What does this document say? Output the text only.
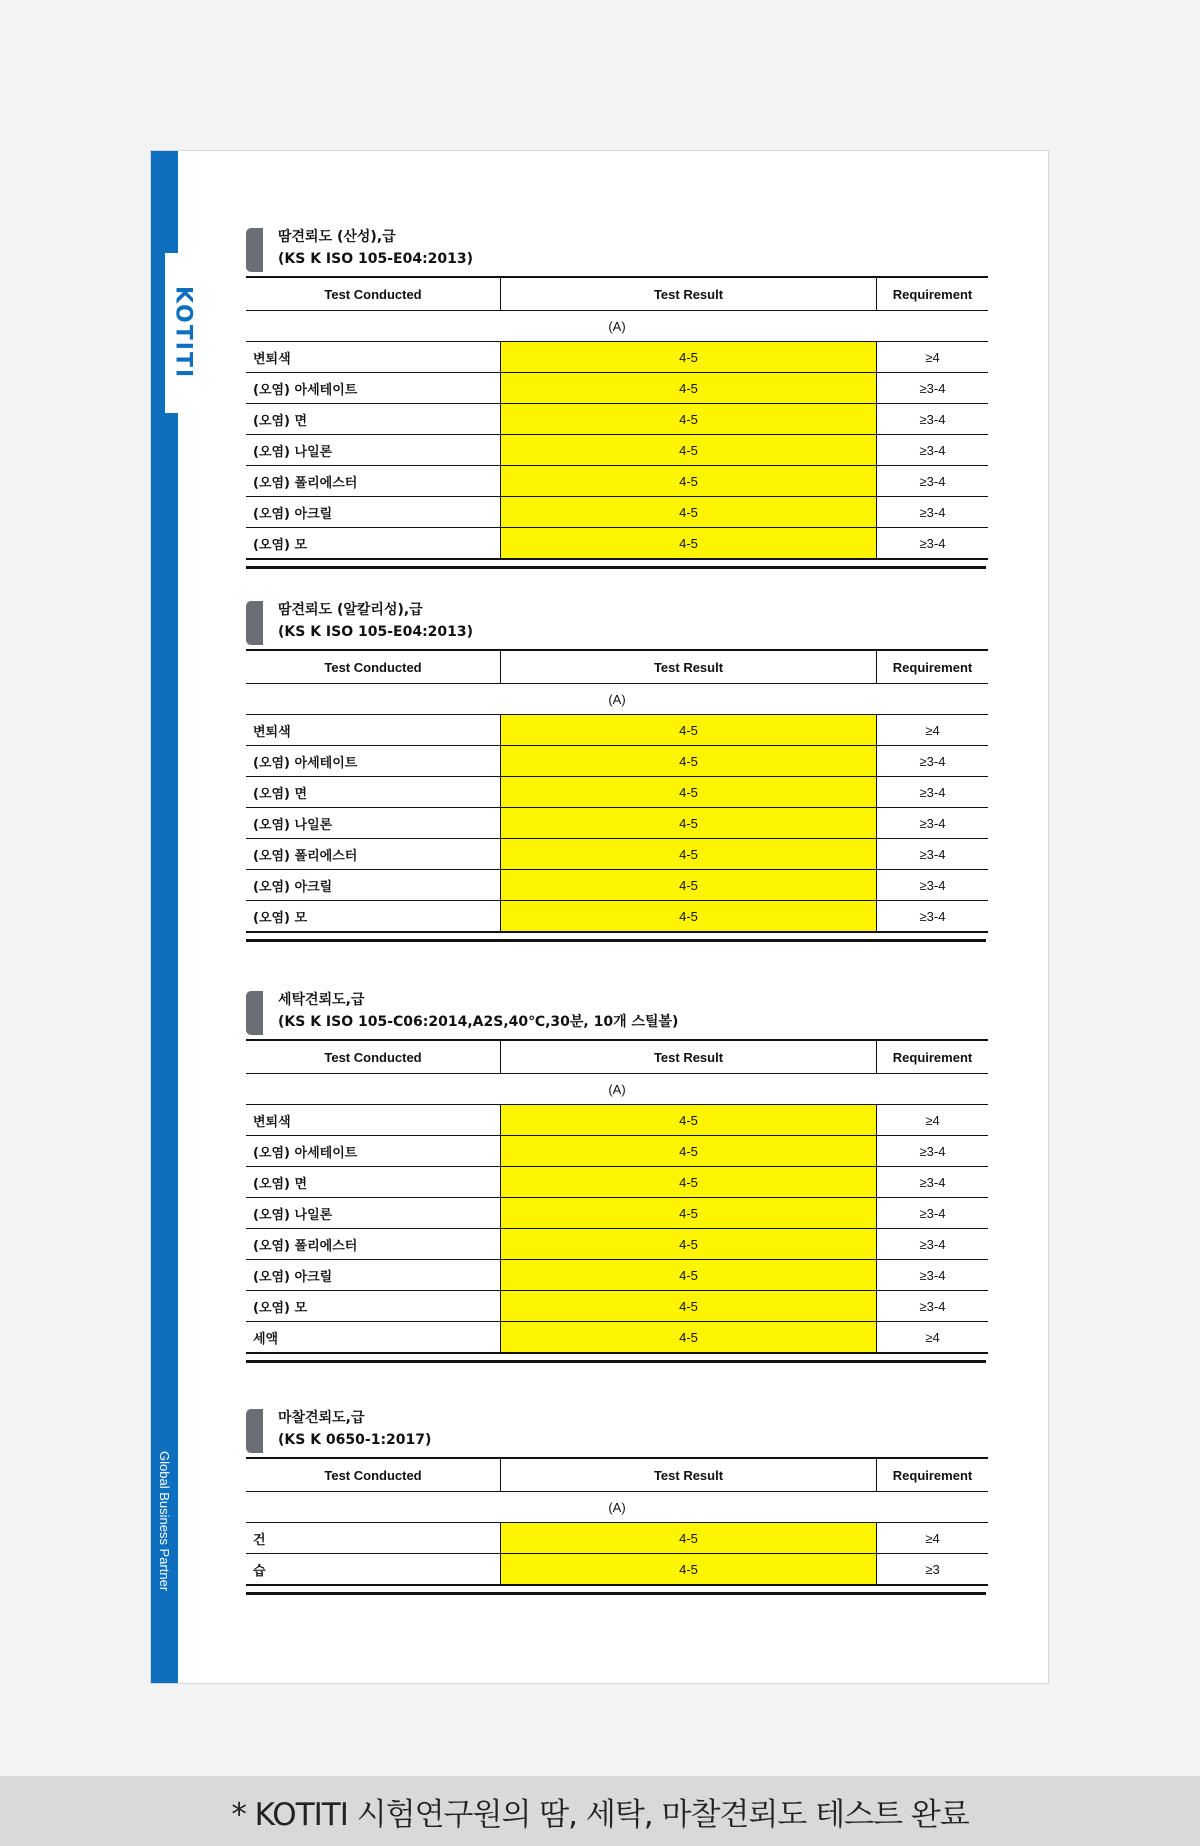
Global Business Partner
KOTITI
땀견뢰도 (산성),급
(KS K ISO 105-E04:2013)
Test Conducted	Test Result	Requirement
(A)		
변퇴색	4-5	≥4
(오염) 아세테이트	4-5	≥3-4
(오염) 면	4-5	≥3-4
(오염) 나일론	4-5	≥3-4
(오염) 폴리에스터	4-5	≥3-4
(오염) 아크릴	4-5	≥3-4
(오염) 모	4-5	≥3-4
땀견뢰도 (알칼리성),급
(KS K ISO 105-E04:2013)
Test Conducted	Test Result	Requirement
(A)		
변퇴색	4-5	≥4
(오염) 아세테이트	4-5	≥3-4
(오염) 면	4-5	≥3-4
(오염) 나일론	4-5	≥3-4
(오염) 폴리에스터	4-5	≥3-4
(오염) 아크릴	4-5	≥3-4
(오염) 모	4-5	≥3-4
세탁견뢰도,급
(KS K ISO 105-C06:2014,A2S,40℃,30분, 10개 스틸볼)
Test Conducted	Test Result	Requirement
(A)		
변퇴색	4-5	≥4
(오염) 아세테이트	4-5	≥3-4
(오염) 면	4-5	≥3-4
(오염) 나일론	4-5	≥3-4
(오염) 폴리에스터	4-5	≥3-4
(오염) 아크릴	4-5	≥3-4
(오염) 모	4-5	≥3-4
세액	4-5	≥4
마찰견뢰도,급
(KS K 0650-1:2017)
Test Conducted	Test Result	Requirement
(A)		
건	4-5	≥4
습	4-5	≥3
* KOTITI 시험연구원의 땀, 세탁, 마찰견뢰도 테스트 완료
